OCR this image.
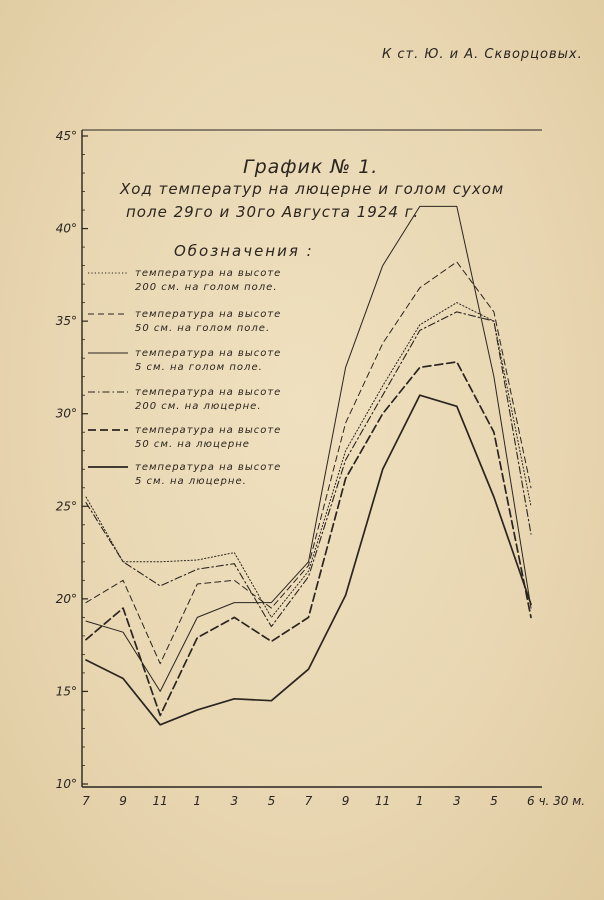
К ст. Ю. и А. Скворцовых.
10°
15°
20°
25°
30°
35°
40°
45°
7 9 11 1 3 5 7 9 11 1 3 5 6 ч. 30 м.
График № 1.
Ход температур на люцерне и голом сухом
поле 29го и 30го Августа 1924 г.
Обозначения :
температура на высоте
200 см. на голом поле.
температура на высоте
50 см. на голом поле.
температура на высоте
5 см. на голом поле.
температура на высоте
200 см. на люцерне.
температура на высоте
50 см. на люцерне
температура на высоте
5 см. на люцерне.
